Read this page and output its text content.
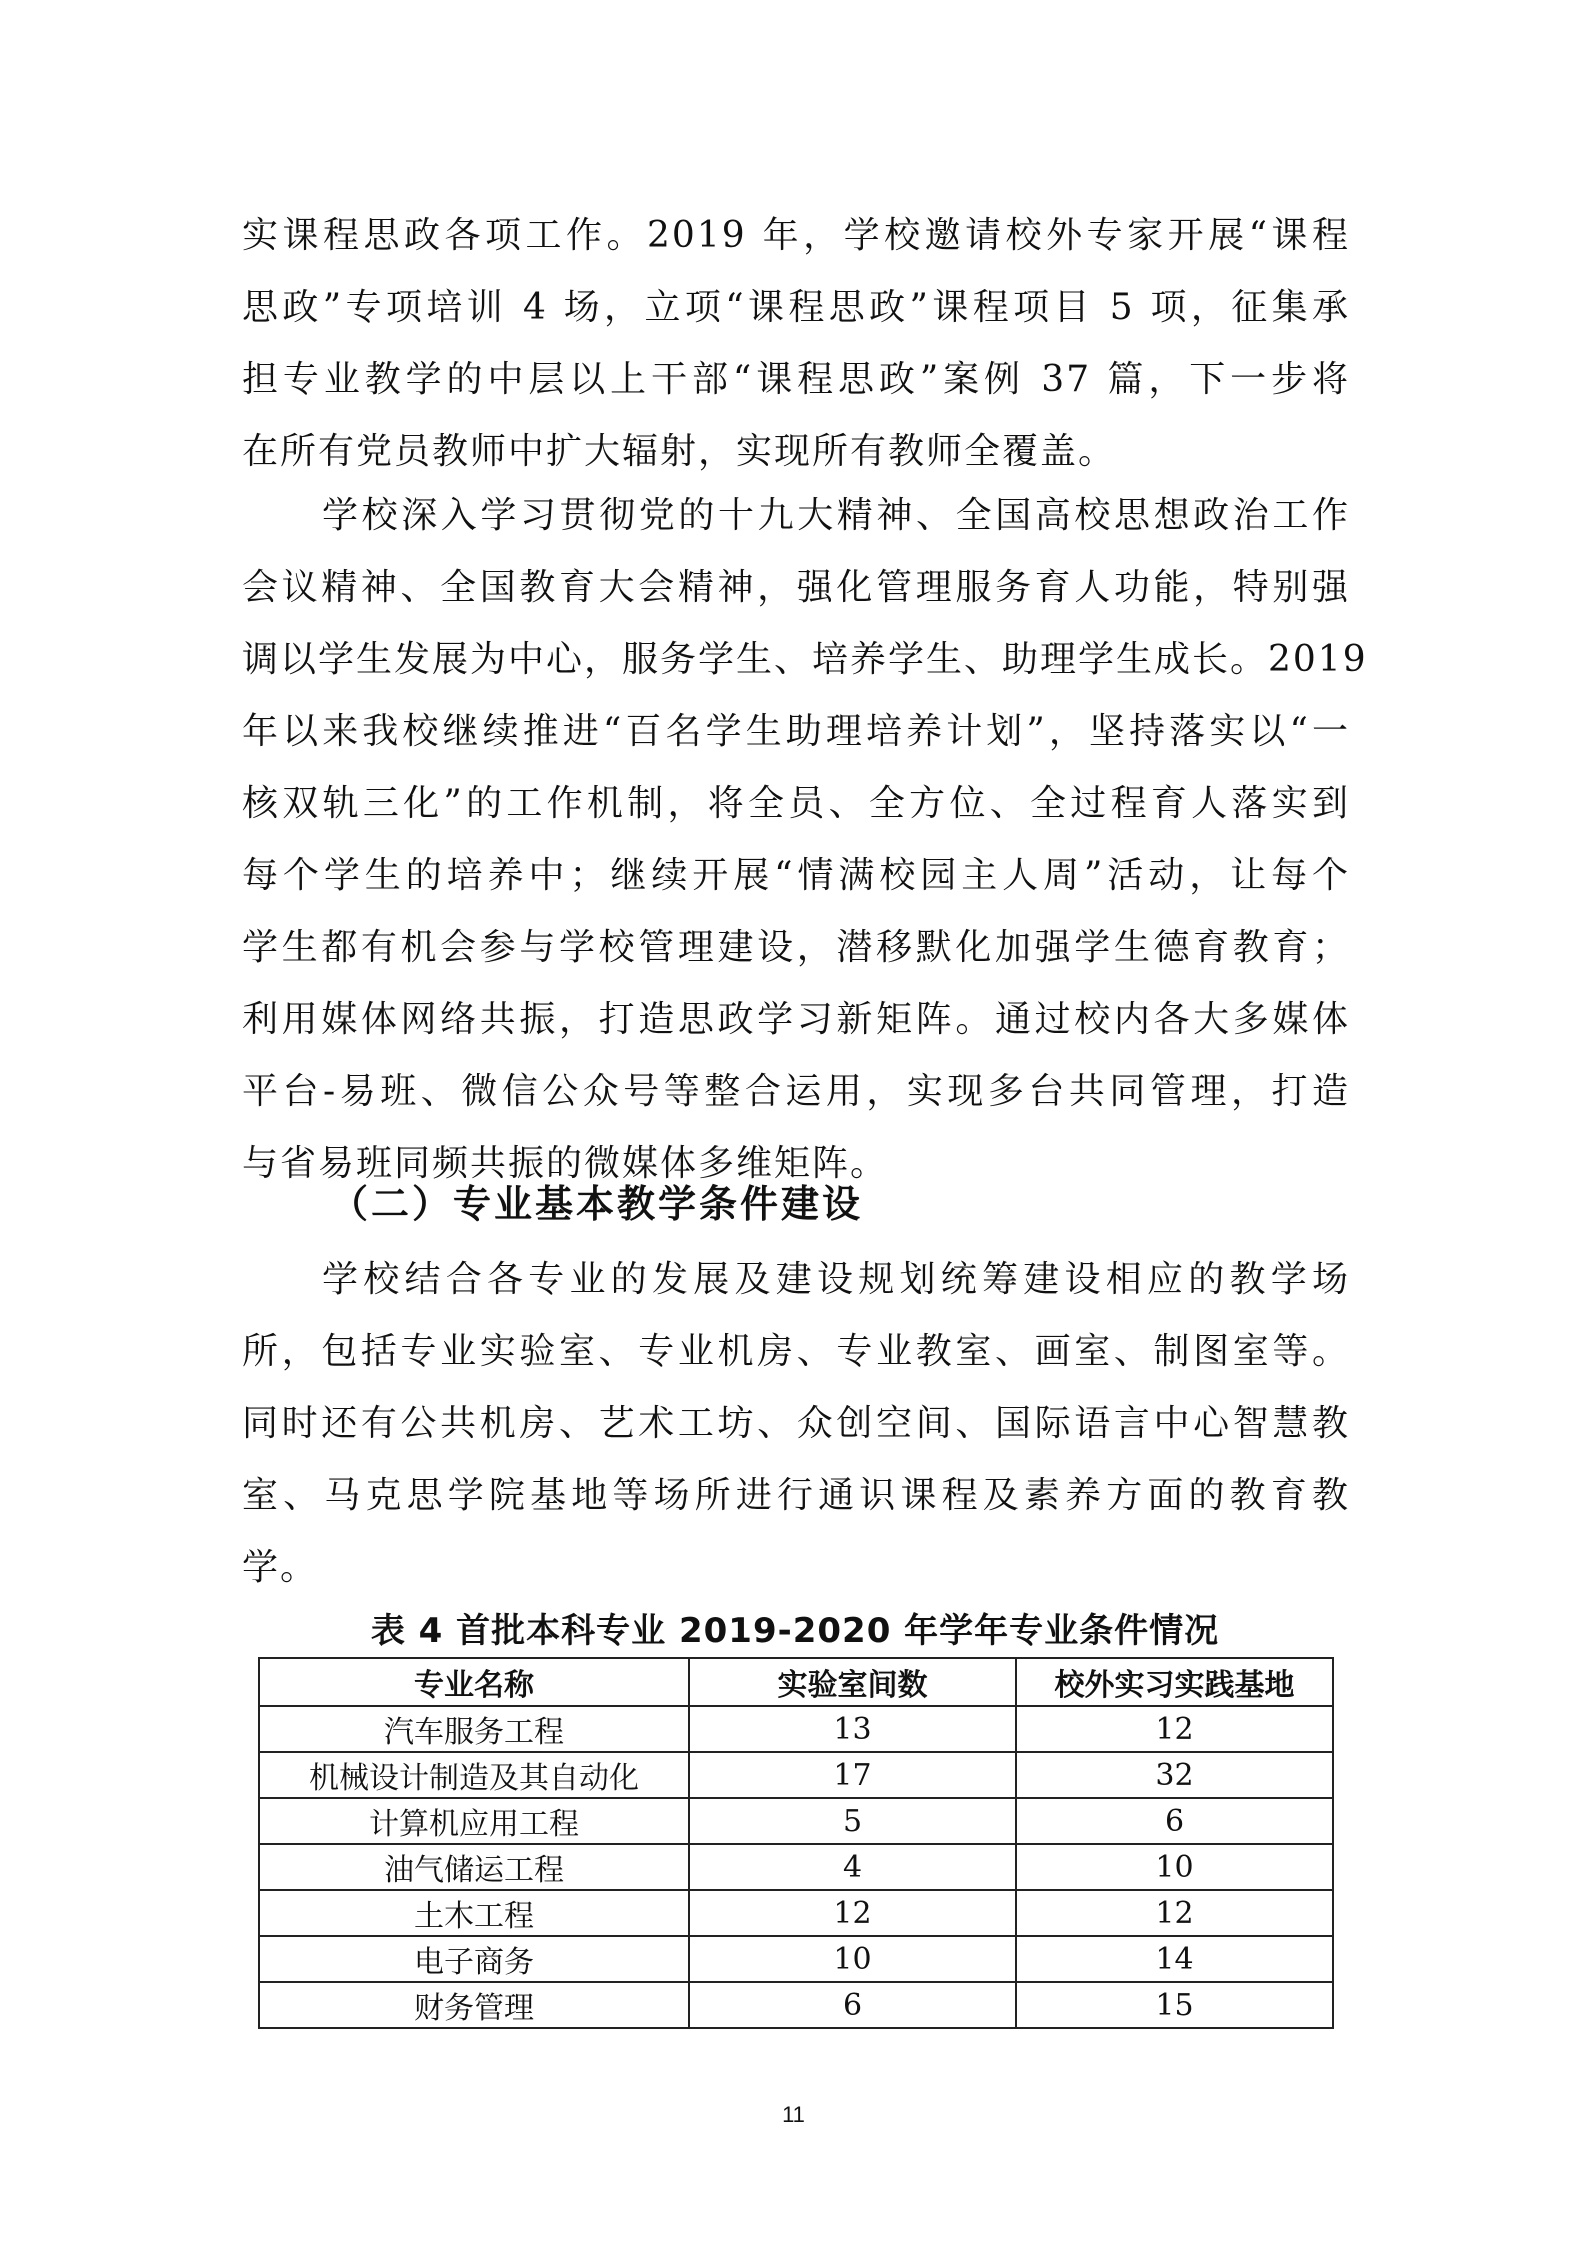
实课程思政各项工作。2019 年，学校邀请校外专家开展“课程
思政”专项培训 4 场，立项“课程思政”课程项目 5 项，征集承
担专业教学的中层以上干部“课程思政”案例 37 篇，下一步将
在所有党员教师中扩大辐射，实现所有教师全覆盖。
学校深入学习贯彻党的十九大精神、全国高校思想政治工作
会议精神、全国教育大会精神，强化管理服务育人功能，特别强
调以学生发展为中心，服务学生、培养学生、助理学生成长。2019
年以来我校继续推进“百名学生助理培养计划”，坚持落实以“一
核双轨三化”的工作机制，将全员、全方位、全过程育人落实到
每个学生的培养中；继续开展“情满校园主人周”活动，让每个
学生都有机会参与学校管理建设，潜移默化加强学生德育教育；
利用媒体网络共振，打造思政学习新矩阵。通过校内各大多媒体
平台-易班、微信公众号等整合运用，实现多台共同管理，打造
与省易班同频共振的微媒体多维矩阵。
（二）专业基本教学条件建设
学校结合各专业的发展及建设规划统筹建设相应的教学场
所，包括专业实验室、专业机房、专业教室、画室、制图室等。
同时还有公共机房、艺术工坊、众创空间、国际语言中心智慧教
室、马克思学院基地等场所进行通识课程及素养方面的教育教
学。
表 4 首批本科专业 2019-2020 年学年专业条件情况
专业名称	实验室间数	校外实习实践基地
汽车服务工程	13	12
机械设计制造及其自动化	17	32
计算机应用工程	5	6
油气储运工程	4	10
土木工程	12	12
电子商务	10	14
财务管理	6	15
11
